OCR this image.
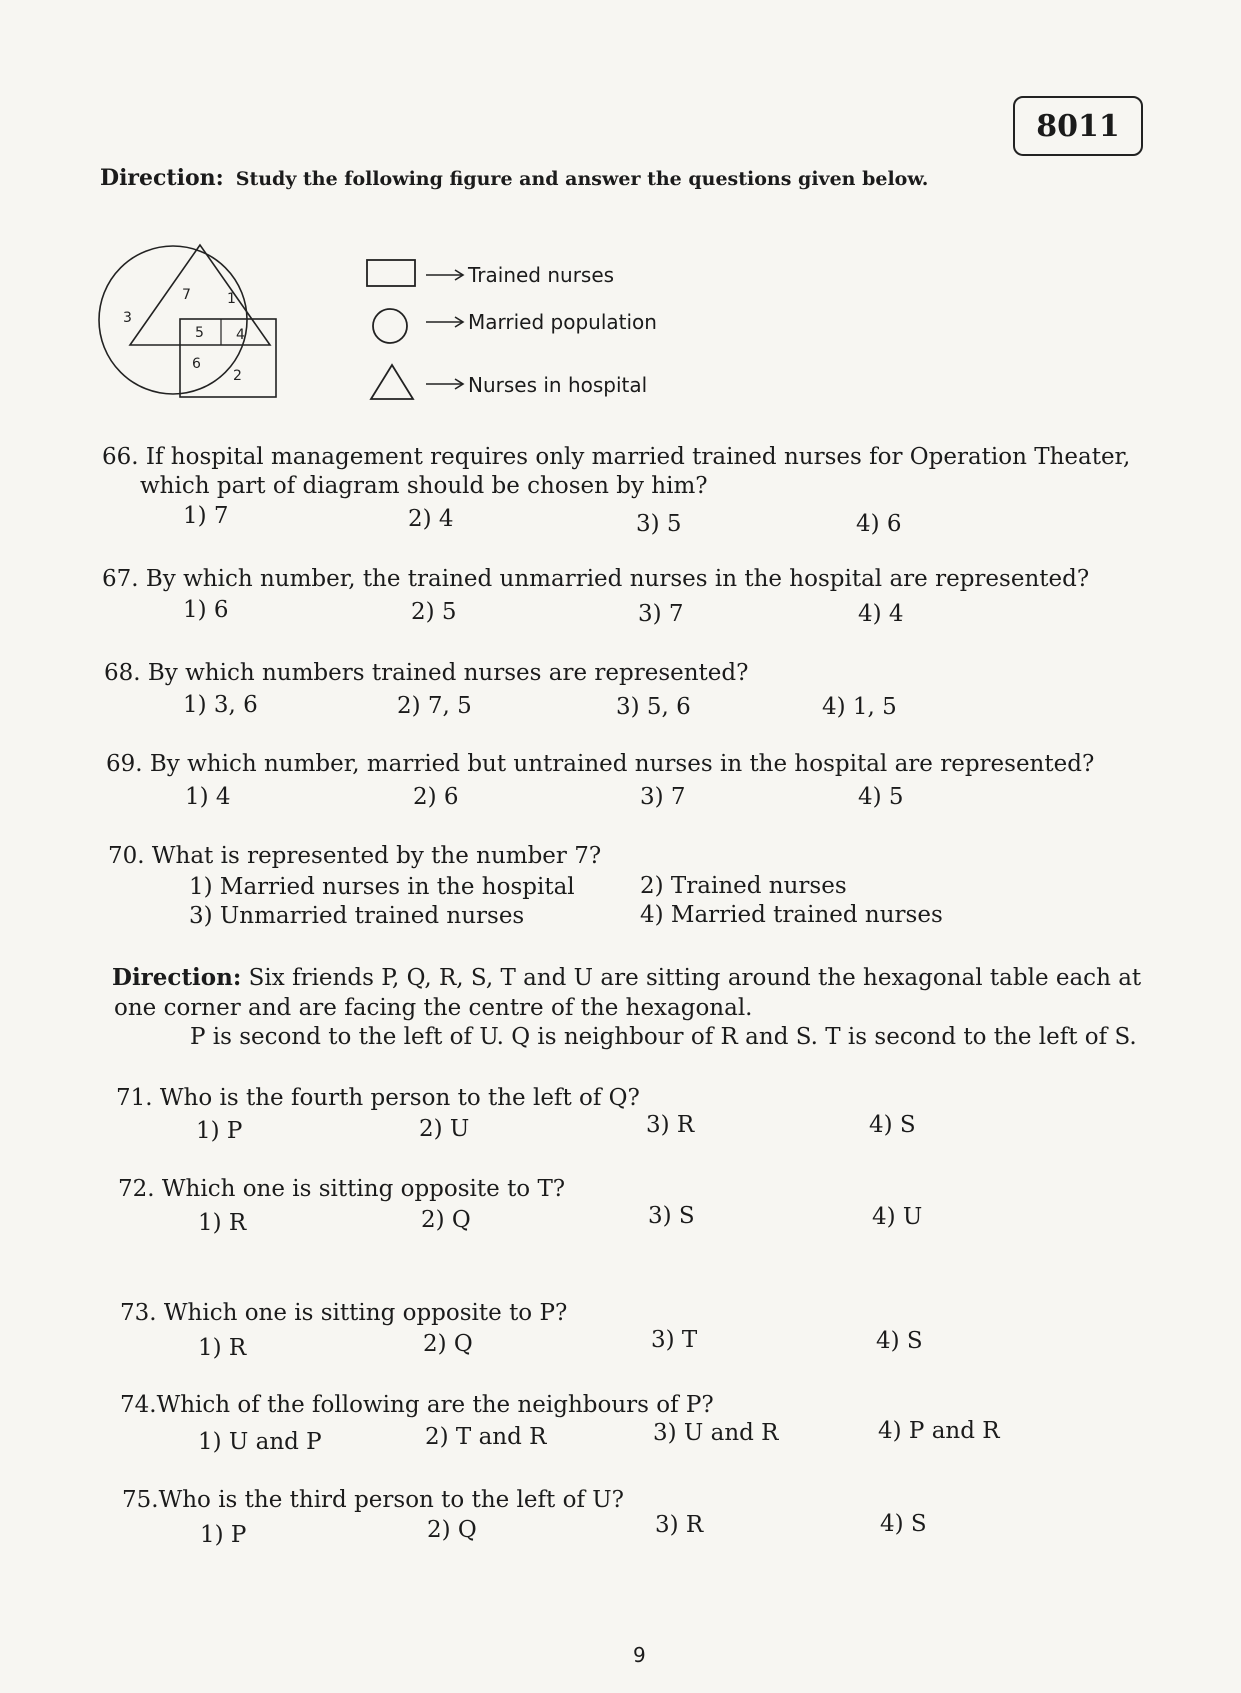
8011
Direction: Study the following figure and answer the questions given below.
7	1
3
5 4
6
2
Trained nurses
Married population
Nurses in hospital
66. If hospital management requires only married trained nurses for Operation Theater,
which part of diagram should be chosen by him?
1) 7	2) 4	3) 5	4) 6
67. By which number, the trained unmarried nurses in the hospital are represented?
1) 6	2) 5	3) 7	4) 4
68. By which numbers trained nurses are represented?
1) 3, 6	2) 7, 5	3) 5, 6	4) 1, 5
69. By which number, married but untrained nurses in the hospital are represented?
1) 4	2) 6	3) 7	4) 5
70. What is represented by the number 7?
1) Married nurses in the hospital	2) Trained nurses
3) Unmarried trained nurses	4) Married trained nurses
Direction: Six friends P, Q, R, S, T and U are sitting around the hexagonal table each at
one corner and are facing the centre of the hexagonal.
P is second to the left of U. Q is neighbour of R and S. T is second to the left of S.
71. Who is the fourth person to the left of Q?
1) P	2) U	3) R	4) S
72. Which one is sitting opposite to T?
1) R	2) Q	3) S	4) U
73. Which one is sitting opposite to P?
1) R	2) Q	3) T	4) S
74.Which of the following are the neighbours of P?
1) U and P	2) T and R	3) U and R	4) P and R
75.Who is the third person to the left of U?
1) P	2) Q	3) R	4) S
9
